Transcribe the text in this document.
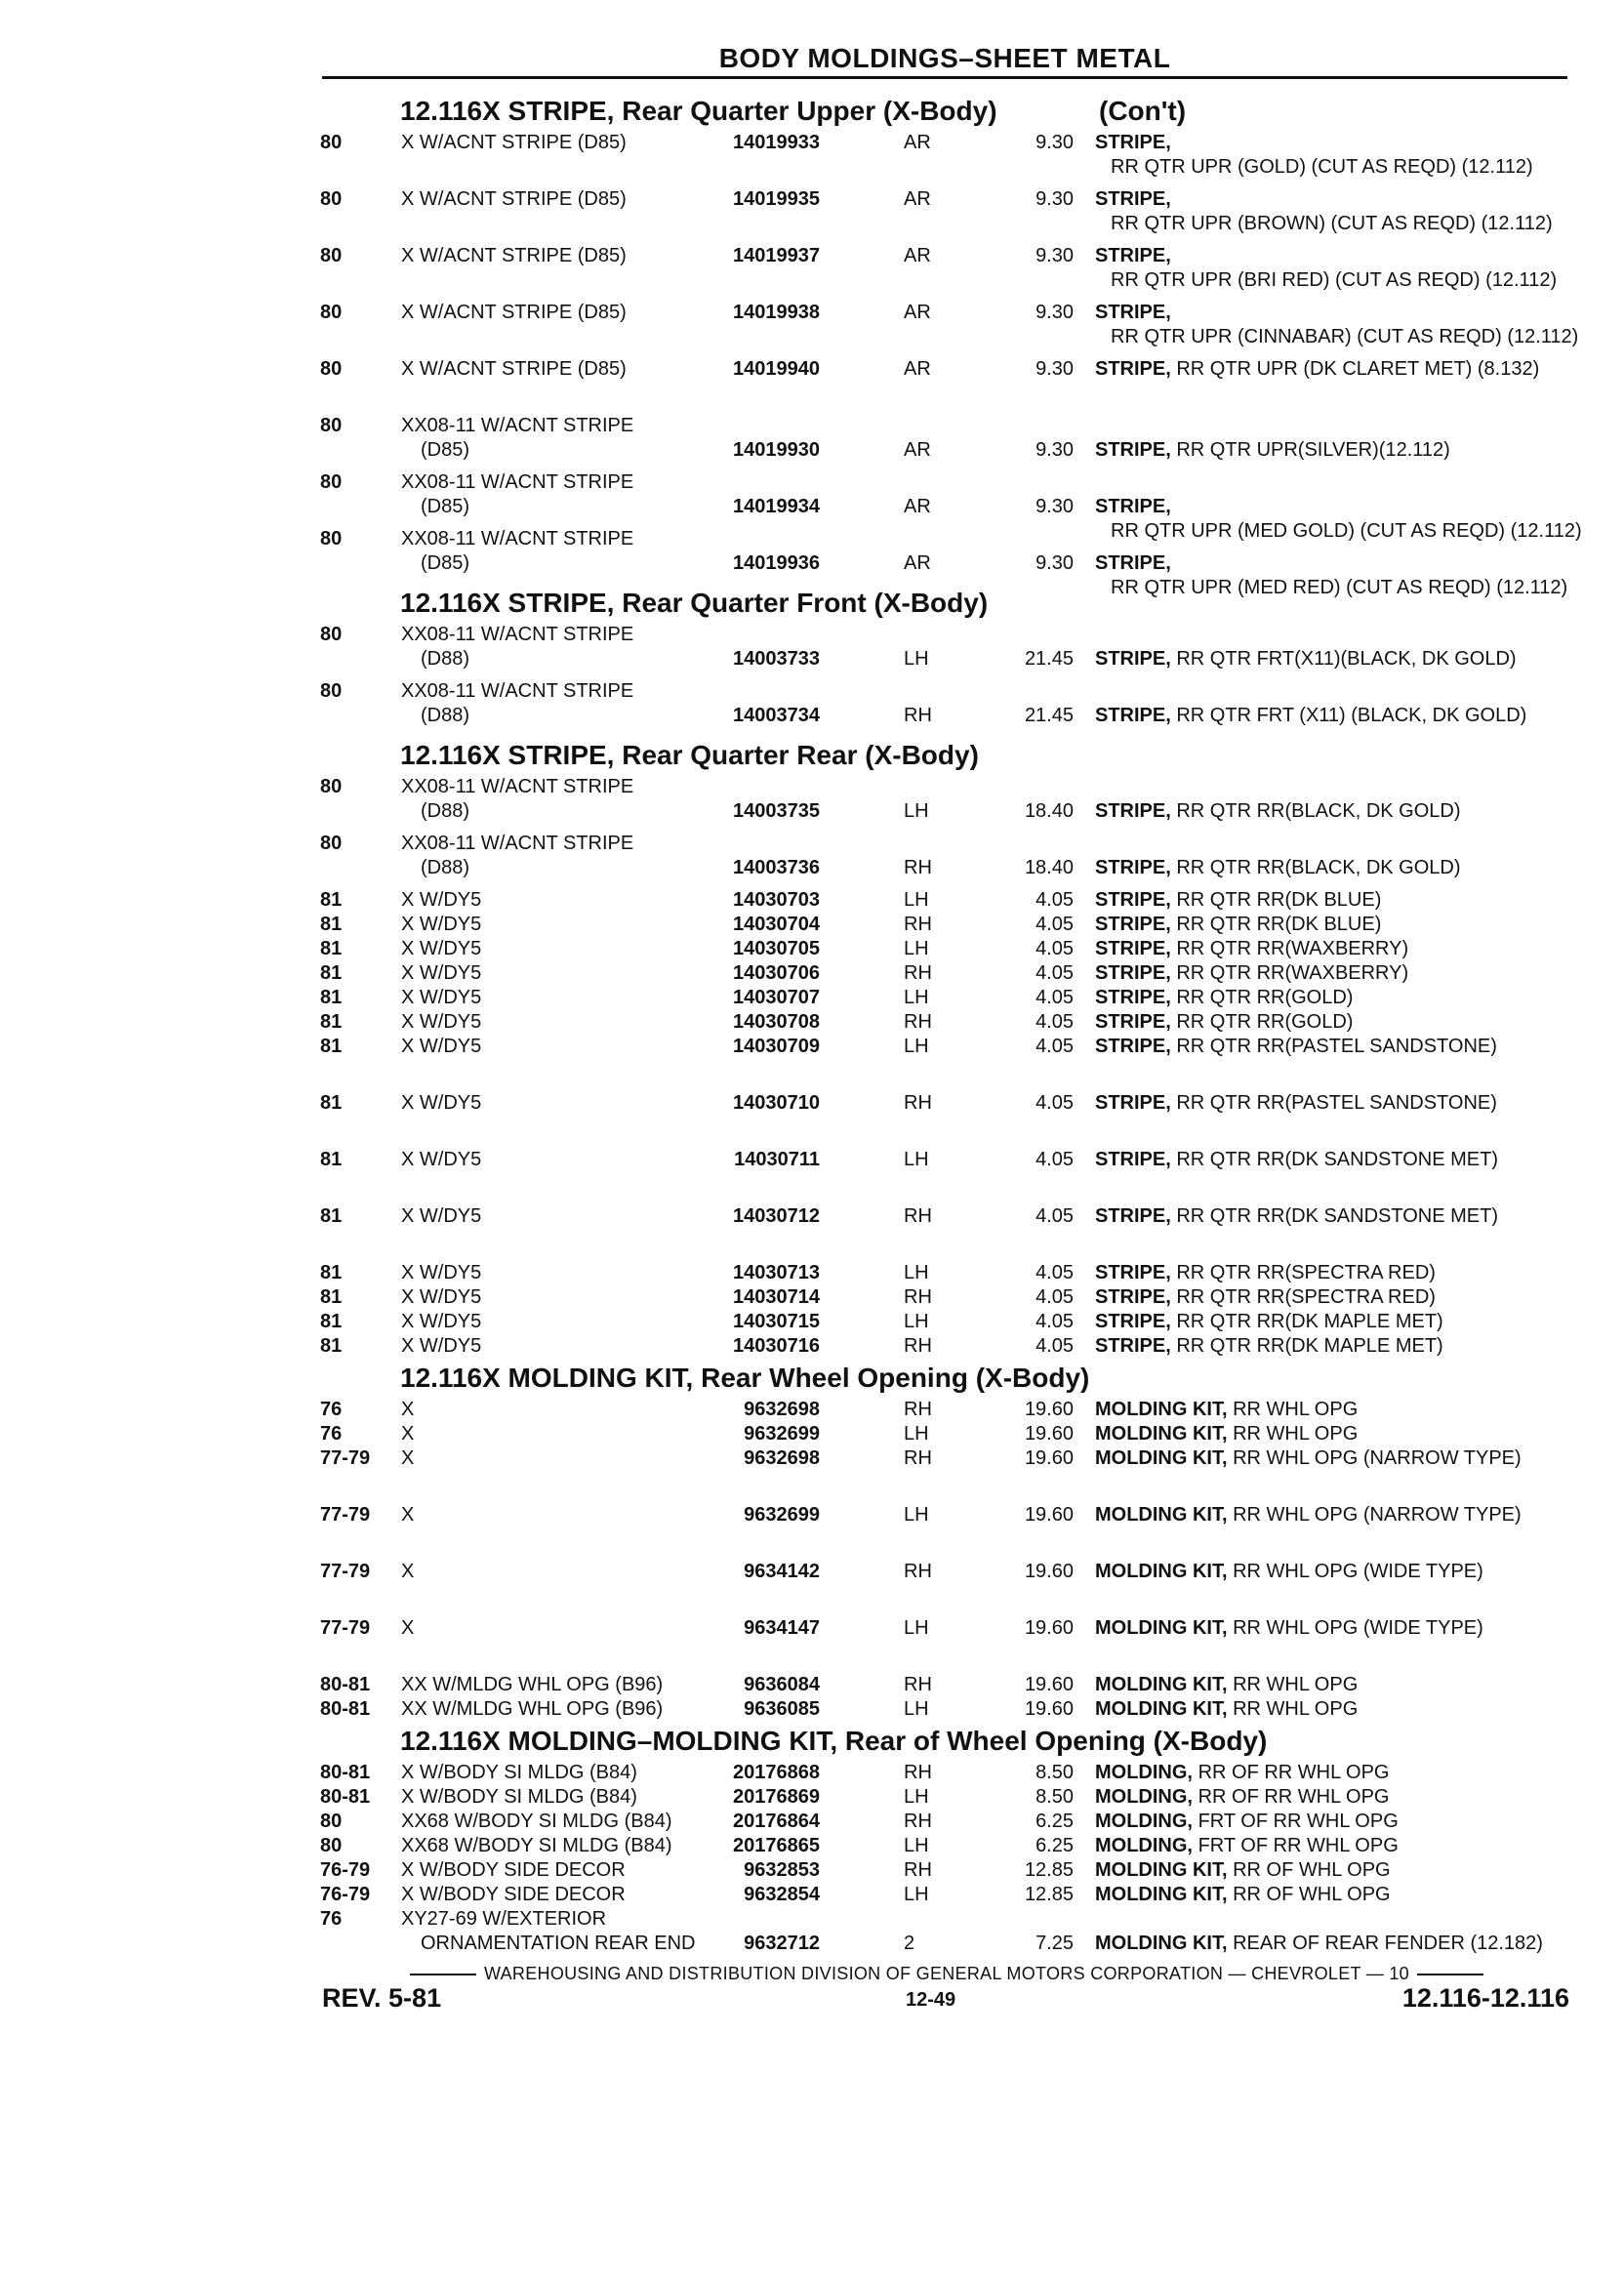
BODY MOLDINGS–SHEET METAL
12.116X STRIPE, Rear Quarter Upper (X-Body)	(Con't)
80	X W/ACNT STRIPE (D85)	14019933	AR	9.30 STRIPE, RR QTR UPR (GOLD) (CUT AS REQD) (12.112)
80	X W/ACNT STRIPE (D85)	14019935	AR	9.30 STRIPE, RR QTR UPR (BROWN) (CUT AS REQD) (12.112)
80	X W/ACNT STRIPE (D85)	14019937	AR	9.30 STRIPE, RR QTR UPR (BRI RED) (CUT AS REQD) (12.112)
80	X W/ACNT STRIPE (D85)	14019938	AR	9.30 STRIPE, RR QTR UPR (CINNABAR) (CUT AS REQD) (12.112)
80	X W/ACNT STRIPE (D85)	14019940	AR	9.30 STRIPE, RR QTR UPR (DK CLARET MET) (8.132)
80	XX08-11 W/ACNT STRIPE
(D85)	14019930	AR	9.30 STRIPE, RR QTR UPR(SILVER)(12.112)
80	XX08-11 W/ACNT STRIPE
(D85)	14019934	AR	9.30 STRIPE, RR QTR UPR (MED GOLD) (CUT AS REQD) (12.112)
80	XX08-11 W/ACNT STRIPE
(D85)	14019936	AR	9.30 STRIPE, RR QTR UPR (MED RED) (CUT AS REQD) (12.112)
12.116X STRIPE, Rear Quarter Front (X-Body)
80	XX08-11 W/ACNT STRIPE
(D88)	14003733	LH	21.45 STRIPE, RR QTR FRT(X11)(BLACK, DK GOLD)
80	XX08-11 W/ACNT STRIPE
(D88)	14003734	RH	21.45 STRIPE, RR QTR FRT (X11) (BLACK, DK GOLD)
12.116X STRIPE, Rear Quarter Rear (X-Body)
80	XX08-11 W/ACNT STRIPE
(D88)	14003735	LH	18.40 STRIPE, RR QTR RR(BLACK, DK GOLD)
80	XX08-11 W/ACNT STRIPE
(D88)	14003736	RH	18.40 STRIPE, RR QTR RR(BLACK, DK GOLD)
81	X W/DY5	14030703	LH	4.05 STRIPE, RR QTR RR(DK BLUE)
81	X W/DY5	14030704	RH	4.05 STRIPE, RR QTR RR(DK BLUE)
81	X W/DY5	14030705	LH	4.05 STRIPE, RR QTR RR(WAXBERRY)
81	X W/DY5	14030706	RH	4.05 STRIPE, RR QTR RR(WAXBERRY)
81	X W/DY5	14030707	LH	4.05 STRIPE, RR QTR RR(GOLD)
81	X W/DY5	14030708	RH	4.05 STRIPE, RR QTR RR(GOLD)
81	X W/DY5	14030709	LH	4.05 STRIPE, RR QTR RR(PASTEL SANDSTONE)
81	X W/DY5	14030710	RH	4.05 STRIPE, RR QTR RR(PASTEL SANDSTONE)
81	X W/DY5	14030711	LH	4.05 STRIPE, RR QTR RR(DK SANDSTONE MET)
81	X W/DY5	14030712	RH	4.05 STRIPE, RR QTR RR(DK SANDSTONE MET)
81	X W/DY5	14030713	LH	4.05 STRIPE, RR QTR RR(SPECTRA RED)
81	X W/DY5	14030714	RH	4.05 STRIPE, RR QTR RR(SPECTRA RED)
81	X W/DY5	14030715	LH	4.05 STRIPE, RR QTR RR(DK MAPLE MET)
81	X W/DY5	14030716	RH	4.05 STRIPE, RR QTR RR(DK MAPLE MET)
12.116X MOLDING KIT, Rear Wheel Opening (X-Body)
76	X	9632698	RH	19.60 MOLDING KIT, RR WHL OPG
76	X	9632699	LH	19.60 MOLDING KIT, RR WHL OPG
77-79 X	9632698	RH	19.60 MOLDING KIT, RR WHL OPG (NARROW TYPE)
77-79 X	9632699	LH	19.60 MOLDING KIT, RR WHL OPG (NARROW TYPE)
77-79 X	9634142	RH	19.60 MOLDING KIT, RR WHL OPG (WIDE TYPE)
77-79 X	9634147	LH	19.60 MOLDING KIT, RR WHL OPG (WIDE TYPE)
80-81 XX W/MLDG WHL OPG (B96)	9636084	RH	19.60 MOLDING KIT, RR WHL OPG
80-81 XX W/MLDG WHL OPG (B96)	9636085	LH	19.60 MOLDING KIT, RR WHL OPG
12.116X MOLDING–MOLDING KIT, Rear of Wheel Opening (X-Body)
80-81 X W/BODY SI MLDG (B84)	20176868	RH	8.50 MOLDING, RR OF RR WHL OPG
80-81 X W/BODY SI MLDG (B84)	20176869	LH	8.50 MOLDING, RR OF RR WHL OPG
80	XX68 W/BODY SI MLDG (B84)	20176864	RH	6.25 MOLDING, FRT OF RR WHL OPG
80	XX68 W/BODY SI MLDG (B84)	20176865	LH	6.25 MOLDING, FRT OF RR WHL OPG
76-79 X W/BODY SIDE DECOR	9632853	RH	12.85 MOLDING KIT, RR OF WHL OPG
76-79 X W/BODY SIDE DECOR	9632854	LH	12.85 MOLDING KIT, RR OF WHL OPG
76	XY27-69 W/EXTERIOR
ORNAMENTATION REAR END	9632712	2	7.25 MOLDING KIT, REAR OF REAR FENDER (12.182)
WAREHOUSING AND DISTRIBUTION DIVISION OF GENERAL MOTORS CORPORATION — CHEVROLET — 10
REV. 5-81	12-49	12.116-12.116
